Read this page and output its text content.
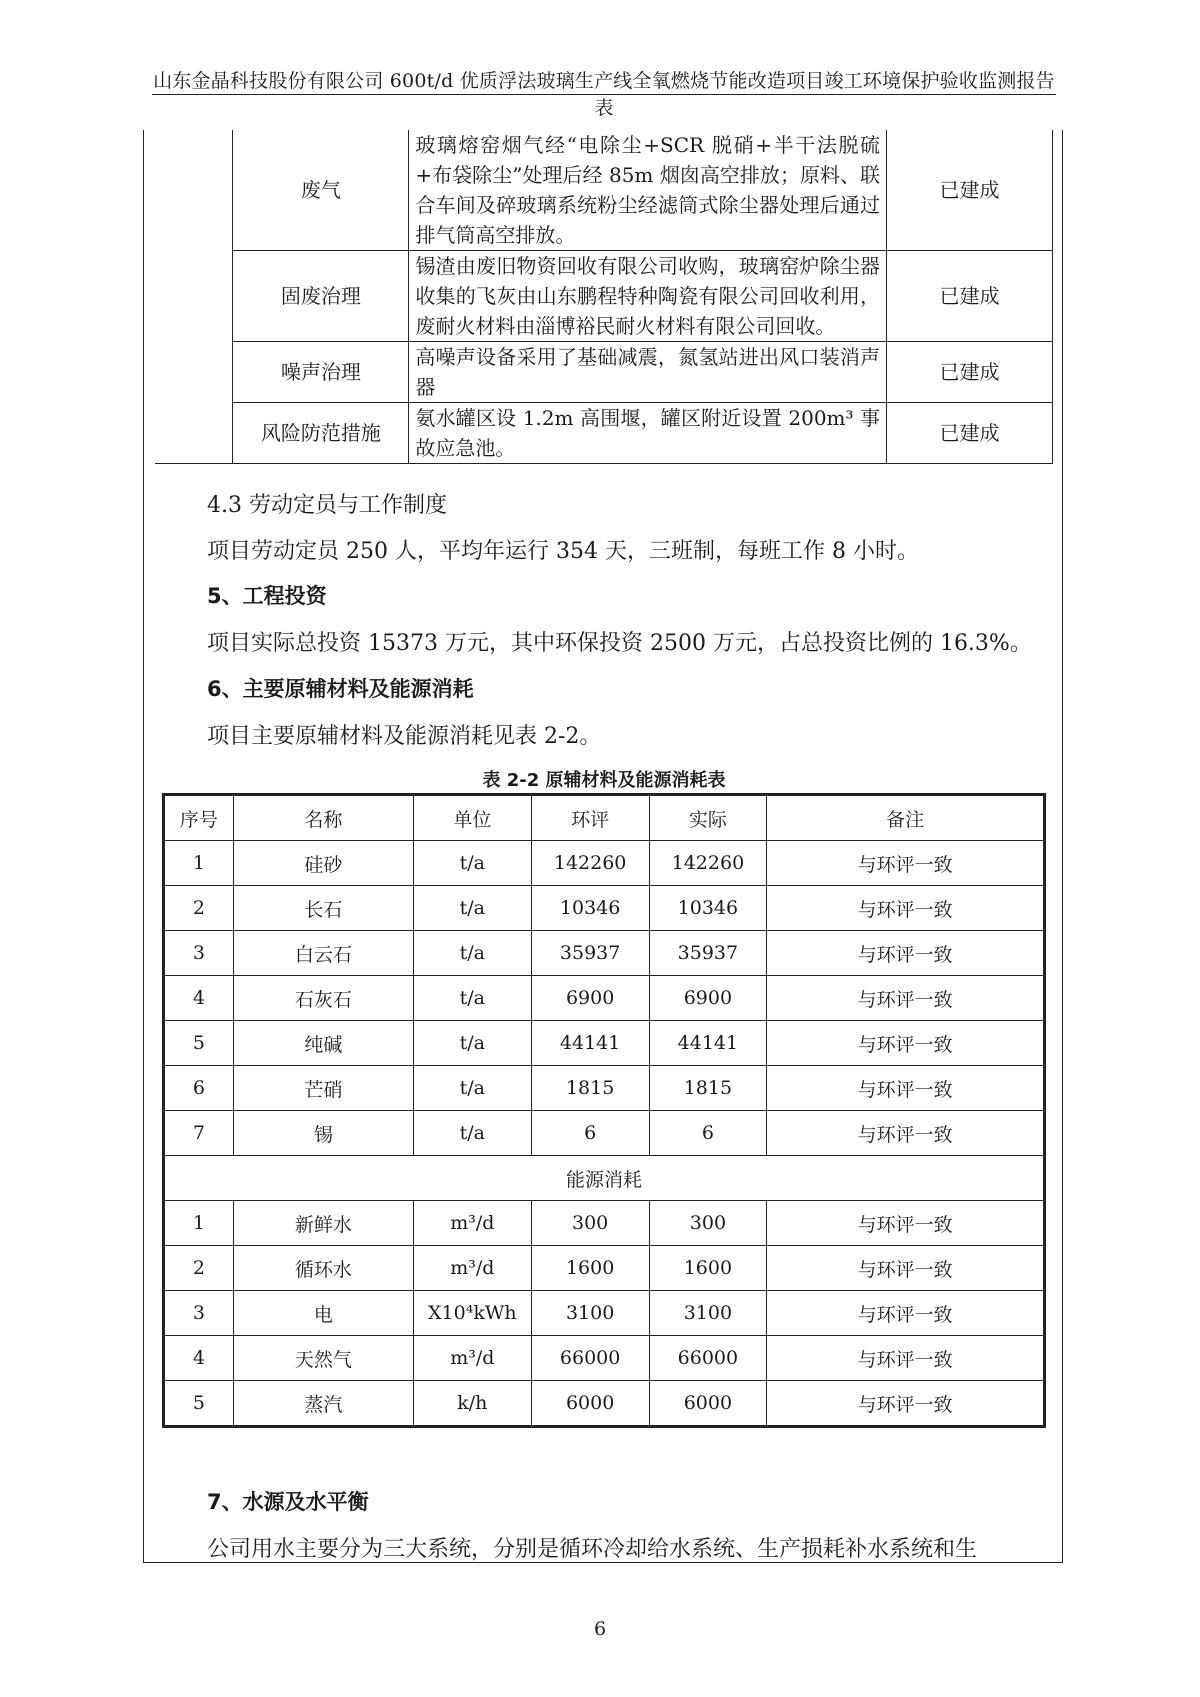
山东金晶科技股份有限公司 600t/d 优质浮法玻璃生产线全氧燃烧节能改造项目竣工环境保护验收监测报告表
	废气	玻璃熔窑烟气经“电除尘+SCR 脱硝+半干法脱硫+布袋除尘”处理后经 85m 烟囱高空排放；原料、联合车间及碎玻璃系统粉尘经滤筒式除尘器处理后通过排气筒高空排放。	已建成
	固废治理	锡渣由废旧物资回收有限公司收购，玻璃窑炉除尘器收集的飞灰由山东鹏程特种陶瓷有限公司回收利用，废耐火材料由淄博裕民耐火材料有限公司回收。	已建成
	噪声治理	高噪声设备采用了基础减震，氮氢站进出风口装消声器	已建成
	风险防范措施	氨水罐区设 1.2m 高围堰，罐区附近设置 200m³ 事故应急池。	已建成
4.3 劳动定员与工作制度
项目劳动定员 250 人，平均年运行 354 天，三班制，每班工作 8 小时。
5、工程投资
项目实际总投资 15373 万元，其中环保投资 2500 万元，占总投资比例的 16.3%。
6、主要原辅材料及能源消耗
项目主要原辅材料及能源消耗见表 2-2。
表 2-2 原辅材料及能源消耗表
序号	名称	单位	环评	实际	备注
1	硅砂	t/a	142260	142260	与环评一致
2	长石	t/a	10346	10346	与环评一致
3	白云石	t/a	35937	35937	与环评一致
4	石灰石	t/a	6900	6900	与环评一致
5	纯碱	t/a	44141	44141	与环评一致
6	芒硝	t/a	1815	1815	与环评一致
7	锡	t/a	6	6	与环评一致
能源消耗					
1	新鲜水	m³/d	300	300	与环评一致
2	循环水	m³/d	1600	1600	与环评一致
3	电	X10⁴kWh	3100	3100	与环评一致
4	天然气	m³/d	66000	66000	与环评一致
5	蒸汽	k/h	6000	6000	与环评一致
7、水源及水平衡
公司用水主要分为三大系统，分别是循环冷却给水系统、生产损耗补水系统和生
6
